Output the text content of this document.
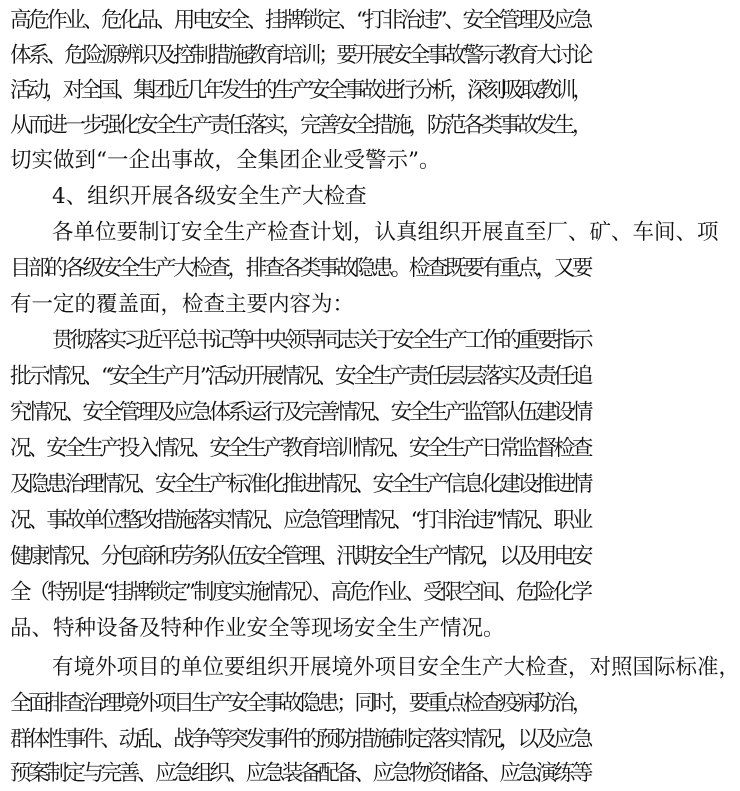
高危作业、危化品、用电安全、挂牌锁定、“打非治违”、安全管理及应急
体系、危险源辨识及控制措施教育培训；要开展安全事故警示教育大讨论
活动，对全国、集团近几年发生的生产安全事故进行分析，深刻吸取教训，
从而进一步强化安全生产责任落实，完善安全措施，防范各类事故发生，
切实做到“一企出事故，全集团企业受警示”。
4、组织开展各级安全生产大检查
各单位要制订安全生产检查计划，认真组织开展直至厂、矿、车间、项
目部的各级安全生产大检查，排查各类事故隐患。检查既要有重点，又要
有一定的覆盖面，检查主要内容为：
贯彻落实习近平总书记等中央领导同志关于安全生产工作的重要指示
批示情况、“安全生产月”活动开展情况、安全生产责任层层落实及责任追
究情况、安全管理及应急体系运行及完善情况、安全生产监管队伍建设情
况、安全生产投入情况、安全生产教育培训情况、安全生产日常监督检查
及隐患治理情况、安全生产标准化推进情况、安全生产信息化建设推进情
况、事故单位整改措施落实情况、应急管理情况、“打非治违”情况、职业
健康情况、分包商和劳务队伍安全管理、汛期安全生产情况，以及用电安
全（特别是“挂牌锁定”制度实施情况）、高危作业、受限空间、危险化学
品、特种设备及特种作业安全等现场安全生产情况。
有境外项目的单位要组织开展境外项目安全生产大检查，对照国际标准，
全面排查治理境外项目生产安全事故隐患；同时，要重点检查疫病防治，
群体性事件、动乱、战争等突发事件的预防措施制定落实情况，以及应急
预案制定与完善、应急组织、应急装备配备、应急物资储备、应急演练等
